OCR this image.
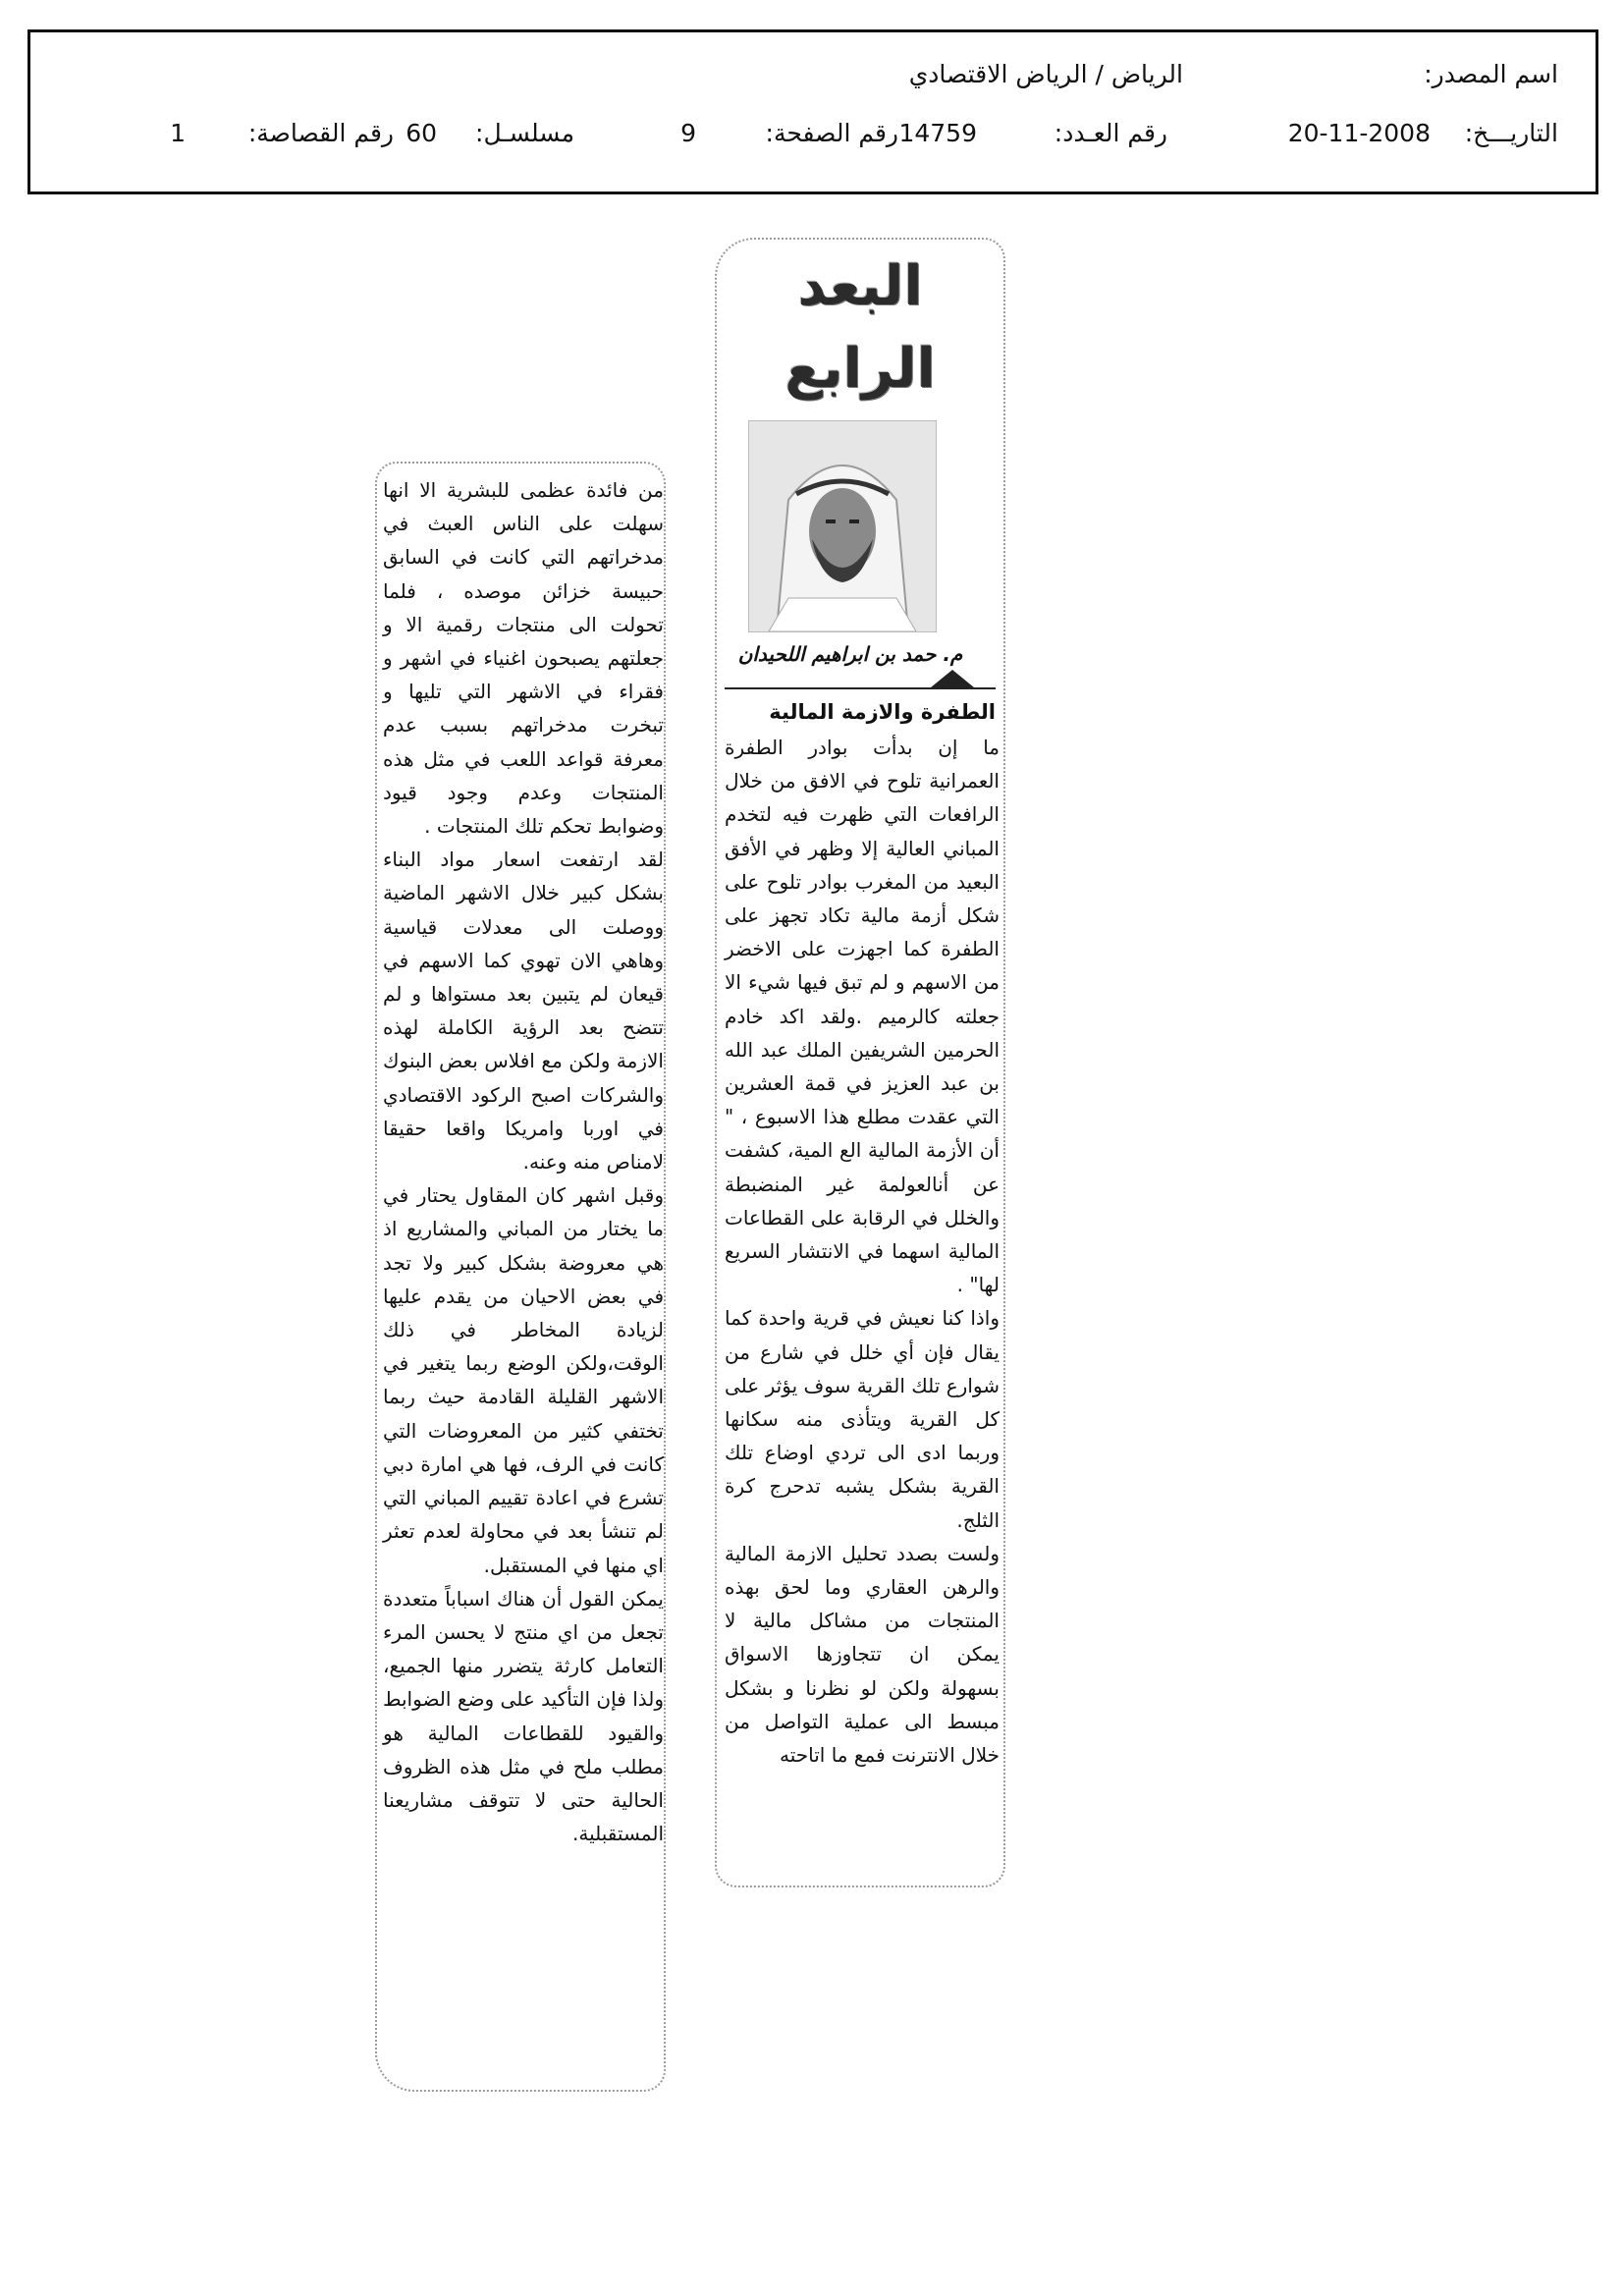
اسم المصدر:
الرياض / الرياض الاقتصادي
التاريـــخ:
20-11-2008
رقم العـدد:
14759
رقم الصفحة:
9
مسلسـل:
60
رقم القصاصة:
1
البعد
الرابع
م. حمد بن ابراهيم اللحيدان
الطفرة والازمة المالية

ما إن بدأت بوادر الطفرة العمرانية تلوح في الافق من خلال الرافعات التي ظهرت فيه لتخدم المباني العالية إلا وظهر في الأفق البعيد من المغرب بوادر تلوح على شكل أزمة مالية تكاد تجهز على الطفرة كما اجهزت على الاخضر من الاسهم و لم تبق فيها شيء الا جعلته كالرميم .ولقد اكد خادم الحرمين الشريفين الملك عبد الله بن عبد العزيز في قمة العشرين التي عقدت مطلع هذا الاسبوع ، " أن الأزمة المالية الع المية، كشفت عن أنالعولمة غير المنضبطة والخلل في الرقابة على القطاعات المالية اسهما في الانتشار السريع لها" .

واذا كنا نعيش في قرية واحدة كما يقال فإن أي خلل في شارع من شوارع تلك القرية سوف يؤثر على كل القرية ويتأذى منه سكانها وربما ادى الى تردي اوضاع تلك القرية بشكل يشبه تدحرج كرة الثلج.

ولست بصدد تحليل الازمة المالية والرهن العقاري وما لحق بهذه المنتجات من مشاكل مالية لا يمكن ان تتجاوزها الاسواق بسهولة ولكن لو نظرنا و بشكل مبسط الى عملية التواصل من خلال الانترنت فمع ما اتاحته

من فائدة عظمى للبشرية الا انها سهلت على الناس العبث في مدخراتهم التي كانت في السابق حبيسة خزائن موصده ، فلما تحولت الى منتجات رقمية الا و جعلتهم يصبحون اغنياء في اشهر و فقراء في الاشهر التي تليها و تبخرت مدخراتهم بسبب عدم معرفة قواعد اللعب في مثل هذه المنتجات وعدم وجود قيود وضوابط تحكم تلك المنتجات .

لقد ارتفعت اسعار مواد البناء بشكل كبير خلال الاشهر الماضية ووصلت الى معدلات قياسية وهاهي الان تهوي كما الاسهم في قيعان لم يتبين بعد مستواها و لم تتضح بعد الرؤية الكاملة لهذه الازمة ولكن مع افلاس بعض البنوك والشركات اصبح الركود الاقتصادي في اوربا وامريكا واقعا حقيقا لامناص منه وعنه.

وقبل اشهر كان المقاول يحتار في ما يختار من المباني والمشاريع اذ هي معروضة بشكل كبير ولا تجد في بعض الاحيان من يقدم عليها لزيادة المخاطر في ذلك الوقت،ولكن الوضع ربما يتغير في الاشهر القليلة القادمة حيث ربما تختفي كثير من المعروضات التي كانت في الرف، فها هي امارة دبي تشرع في اعادة تقييم المباني التي لم تنشأ بعد في محاولة لعدم تعثر اي منها في المستقبل.

يمكن القول أن هناك اسباباً متعددة تجعل من اي منتج لا يحسن المرء التعامل كارثة يتضرر منها الجميع، ولذا فإن التأكيد على وضع الضوابط والقيود للقطاعات المالية هو مطلب ملح في مثل هذه الظروف الحالية حتى لا تتوقف مشاريعنا المستقبلية.
